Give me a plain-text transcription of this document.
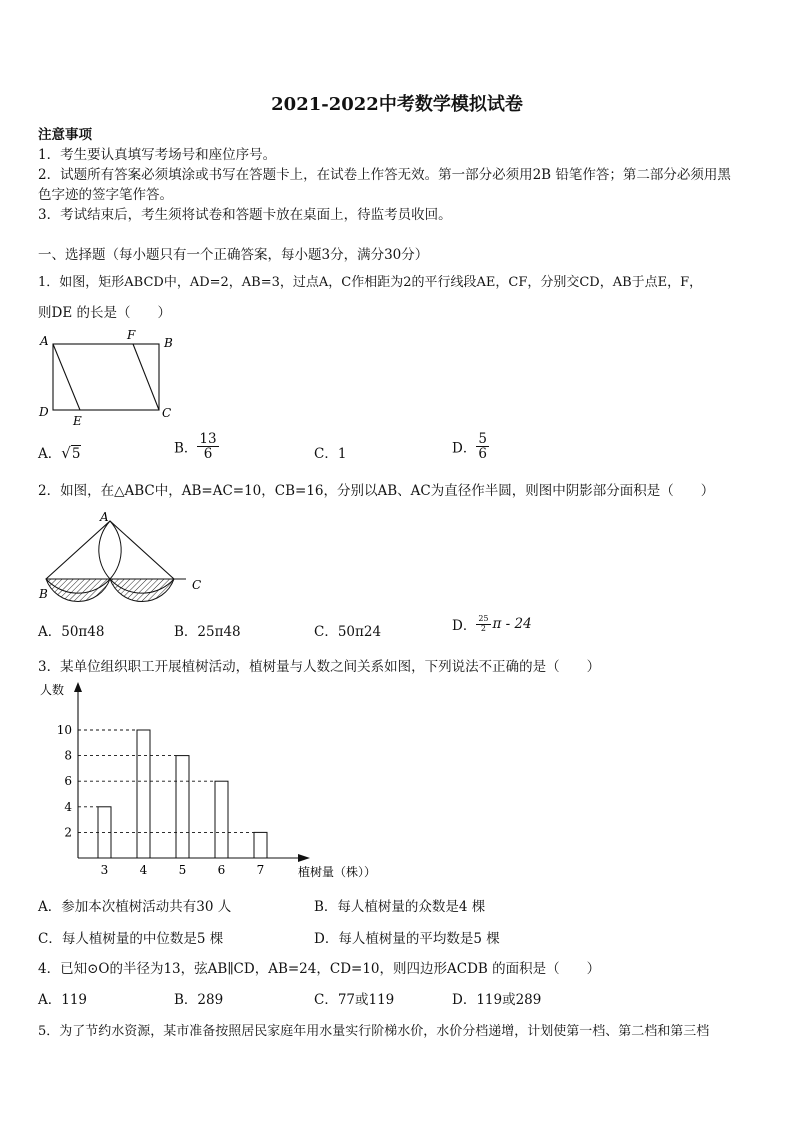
2021-2022中考数学模拟试卷
注意事项
1．考生要认真填写考场号和座位序号。
2．试题所有答案必须填涂或书写在答题卡上，在试卷上作答无效。第一部分必须用2B 铅笔作答；第二部分必须用黑
色字迹的签字笔作答。
3．考试结束后，考生须将试卷和答题卡放在桌面上，待监考员收回。
一、选择题（每小题只有一个正确答案，每小题3分，满分30分）
1．如图，矩形ABCD中，AD=2，AB=3，过点A，C作相距为2的平行线段AE，CF，分别交CD，AB于点E，F，
则DE 的长是（　　）
A	F
B
D
E
C
A．√5	B． $\frac{13}{6}$	C．1	D． $\frac{5}{6}$
2．如图，在△ABC中，AB=AC=10，CB=16，分别以AB、AC为直径作半圆，则图中阴影部分面积是（　　）
A
B
C
A．50π48	B．25π48	C．50π24	D． $\frac{25}{2}$ π - 24
3．某单位组织职工开展植树活动，植树量与人数之间关系如图，下列说法不正确的是（　　）
人数
植树量（株））
3	4	5	6	7
2
4
6
8
10
A．参加本次植树活动共有30 人	B．每人植树量的众数是4 棵
C．每人植树量的中位数是5 棵	D．每人植树量的平均数是5 棵
4．已知⊙O的半径为13，弦AB∥CD，AB=24，CD=10，则四边形ACDB 的面积是（　　）
A．119	B．289	C．77或119	D．119或289
5．为了节约水资源，某市准备按照居民家庭年用水量实行阶梯水价，水价分档递增，计划使第一档、第二档和第三档
